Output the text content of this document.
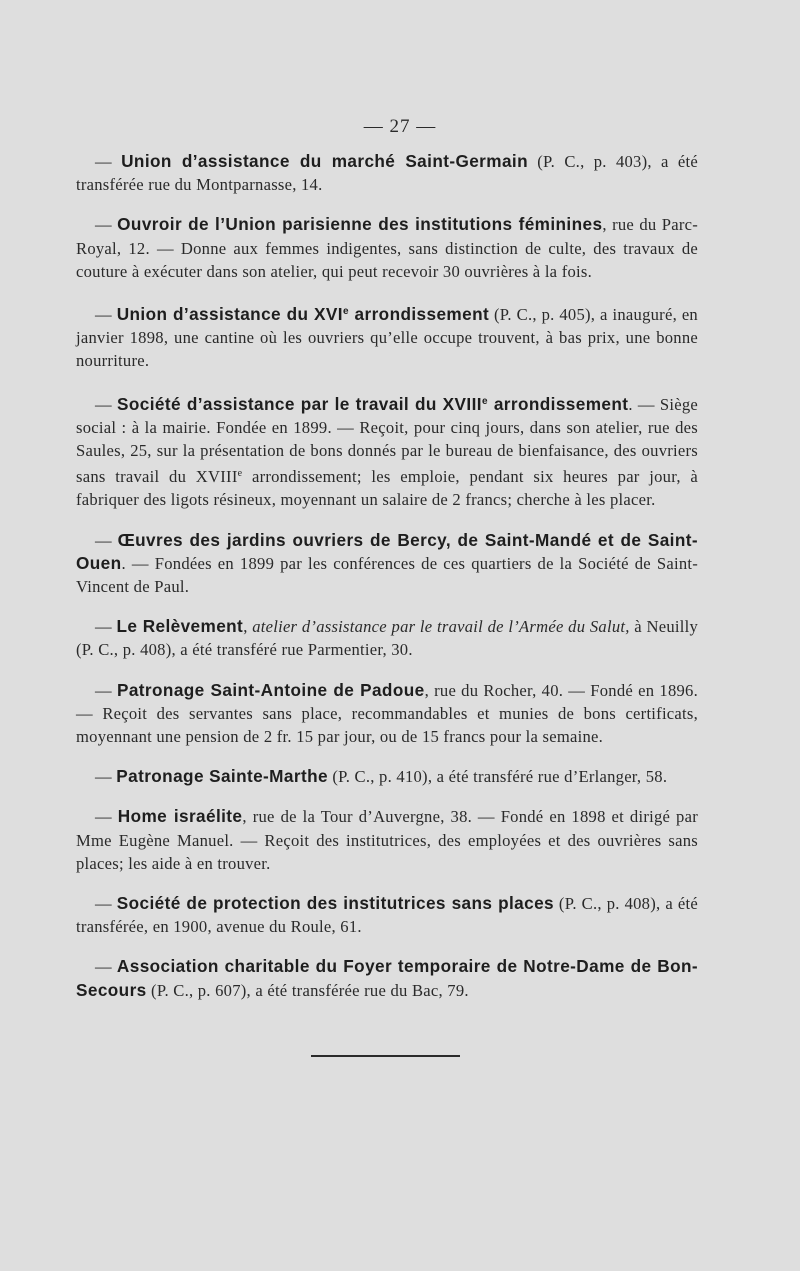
— 27 —

— Union d’assistance du marché Saint-Germain (P. C., p. 403), a été transférée rue du Montparnasse, 14.

— Ouvroir de l’Union parisienne des institutions féminines, rue du Parc-Royal, 12. — Donne aux femmes indigentes, sans distinction de culte, des travaux de couture à exécuter dans son atelier, qui peut recevoir 30 ouvrières à la fois.

— Union d’assistance du XVIe arrondissement (P. C., p. 405), a inauguré, en janvier 1898, une cantine où les ouvriers qu’elle occupe trouvent, à bas prix, une bonne nourriture.

— Société d’assistance par le travail du XVIIIe arrondissement. — Siège social : à la mairie. Fondée en 1899. — Reçoit, pour cinq jours, dans son atelier, rue des Saules, 25, sur la présentation de bons donnés par le bureau de bienfaisance, des ouvriers sans travail du XVIIIe arrondissement; les emploie, pendant six heures par jour, à fabriquer des ligots résineux, moyennant un salaire de 2 francs; cherche à les placer.

— Œuvres des jardins ouvriers de Bercy, de Saint-Mandé et de Saint-Ouen. — Fondées en 1899 par les conférences de ces quartiers de la Société de Saint-Vincent de Paul.

— Le Relèvement, atelier d’assistance par le travail de l’Armée du Salut, à Neuilly (P. C., p. 408), a été transféré rue Parmentier, 30.

— Patronage Saint-Antoine de Padoue, rue du Rocher, 40. — Fondé en 1896. — Reçoit des servantes sans place, recommandables et munies de bons certificats, moyennant une pension de 2 fr. 15 par jour, ou de 15 francs pour la semaine.

— Patronage Sainte-Marthe (P. C., p. 410), a été transféré rue d’Erlanger, 58.

— Home israélite, rue de la Tour d’Auvergne, 38. — Fondé en 1898 et dirigé par Mme Eugène Manuel. — Reçoit des institutrices, des employées et des ouvrières sans places; les aide à en trouver.

— Société de protection des institutrices sans places (P. C., p. 408), a été transférée, en 1900, avenue du Roule, 61.

— Association charitable du Foyer temporaire de Notre-Dame de Bon-Secours (P. C., p. 607), a été transférée rue du Bac, 79.
